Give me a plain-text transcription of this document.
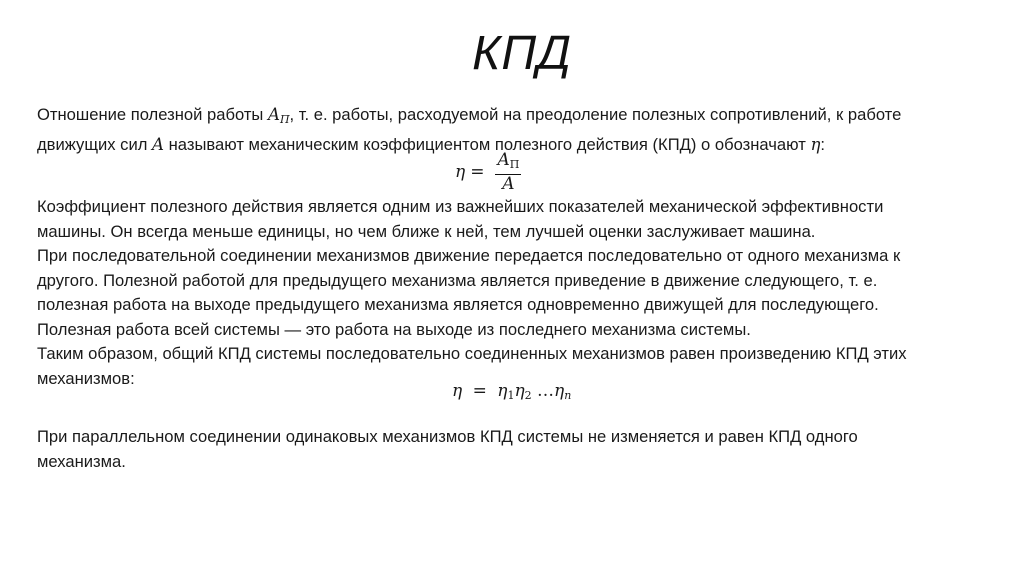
КПД
Отношение полезной работы $A_П$, т. е. работы, расходуемой на преодоление полезных сопротивлений, к работе
движущих сил A называют механическим коэффициентом полезного действия (КПД) о обозначают η:
$\eta = \frac{AП}{A}$
Коэффициент полезного действия является одним из важнейших показателей механической эффективности
машины. Он всегда меньше единицы, но чем ближе к ней, тем лучшей оценки заслуживает машина.
При последовательной соединении механизмов движение передается последовательно от одного механизма к
другого. Полезной работой для предыдущего механизма является приведение в движение следующего, т. е.
полезная работа на выходе предыдущего механизма является одновременно движущей для последующего.
Полезная работа всей системы — это работа на выходе из последнего механизма системы.
Таким образом, общий КПД системы последовательно соединенных механизмов равен произведению КПД этих
механизмов:
η = η1η2 $\dots\eta_n$
При параллельном соединении одинаковых механизмов КПД системы не изменяется и равен КПД одного
механизма.
